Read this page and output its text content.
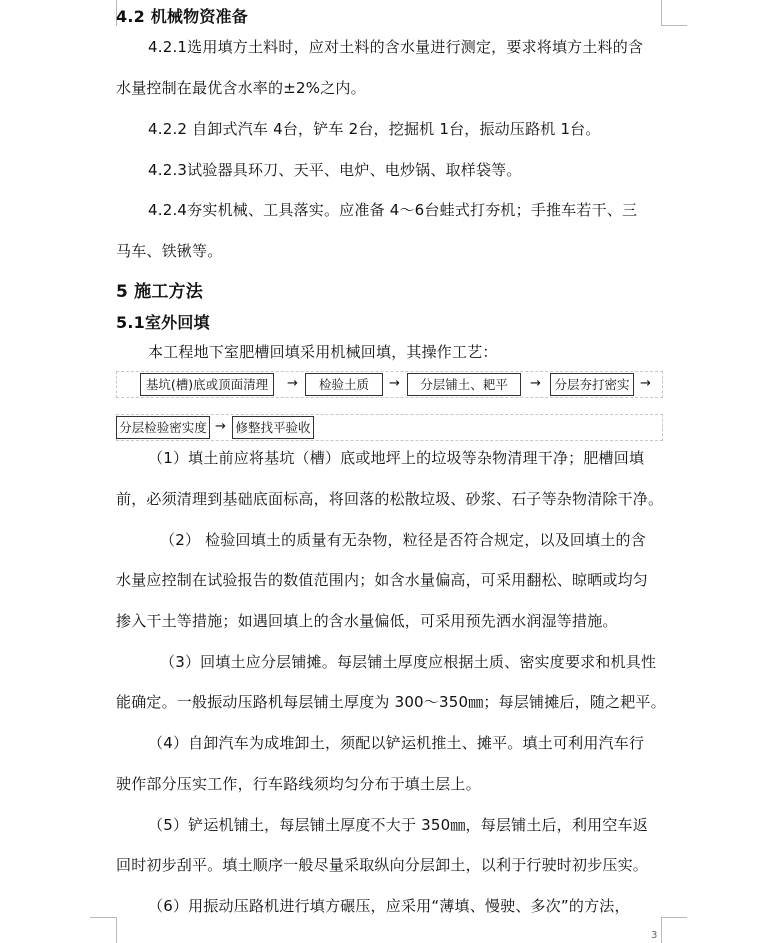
4.2 机械物资准备
4.2.1选用填方土料时，应对土料的含水量进行测定，要求将填方土料的含
水量控制在最优含水率的±2%之内。
4.2.2 自卸式汽车 4台，铲车 2台，挖掘机 1台，振动压路机 1台。
4.2.3试验器具环刀、天平、电炉、电炒锅、取样袋等。
4.2.4夯实机械、工具落实。应准备 4～6台蛙式打夯机；手推车若干、三
马车、铁锹等。
5 施工方法
5.1室外回填
本工程地下室肥槽回填采用机械回填，其操作工艺：
基坑(槽)底或顶面清理	→	检验土质	→	分层铺土、耙平	→	分层夯打密实 →
分层检验密实度 → 修整找平验收
（1）填土前应将基坑（槽）底或地坪上的垃圾等杂物清理干净；肥槽回填
前，必须清理到基础底面标高，将回落的松散垃圾、砂浆、石子等杂物清除干净。
（2） 检验回填土的质量有无杂物，粒径是否符合规定，以及回填土的含
水量应控制在试验报告的数值范围内；如含水量偏高，可采用翻松、晾晒或均匀
掺入干土等措施；如遇回填上的含水量偏低，可采用预先洒水润湿等措施。
（3）回填土应分层铺摊。每层铺土厚度应根据土质、密实度要求和机具性
能确定。一般振动压路机每层铺土厚度为 300～350㎜；每层铺摊后，随之耙平。
（4）自卸汽车为成堆卸土，须配以铲运机推土、摊平。填土可利用汽车行
驶作部分压实工作，行车路线须均匀分布于填土层上。
（5）铲运机铺土，每层铺土厚度不大于 350㎜，每层铺土后，利用空车返
回时初步刮平。填土顺序一般尽量采取纵向分层卸土，以利于行驶时初步压实。
（6）用振动压路机进行填方碾压，应采用“薄填、慢驶、多次”的方法，
3
